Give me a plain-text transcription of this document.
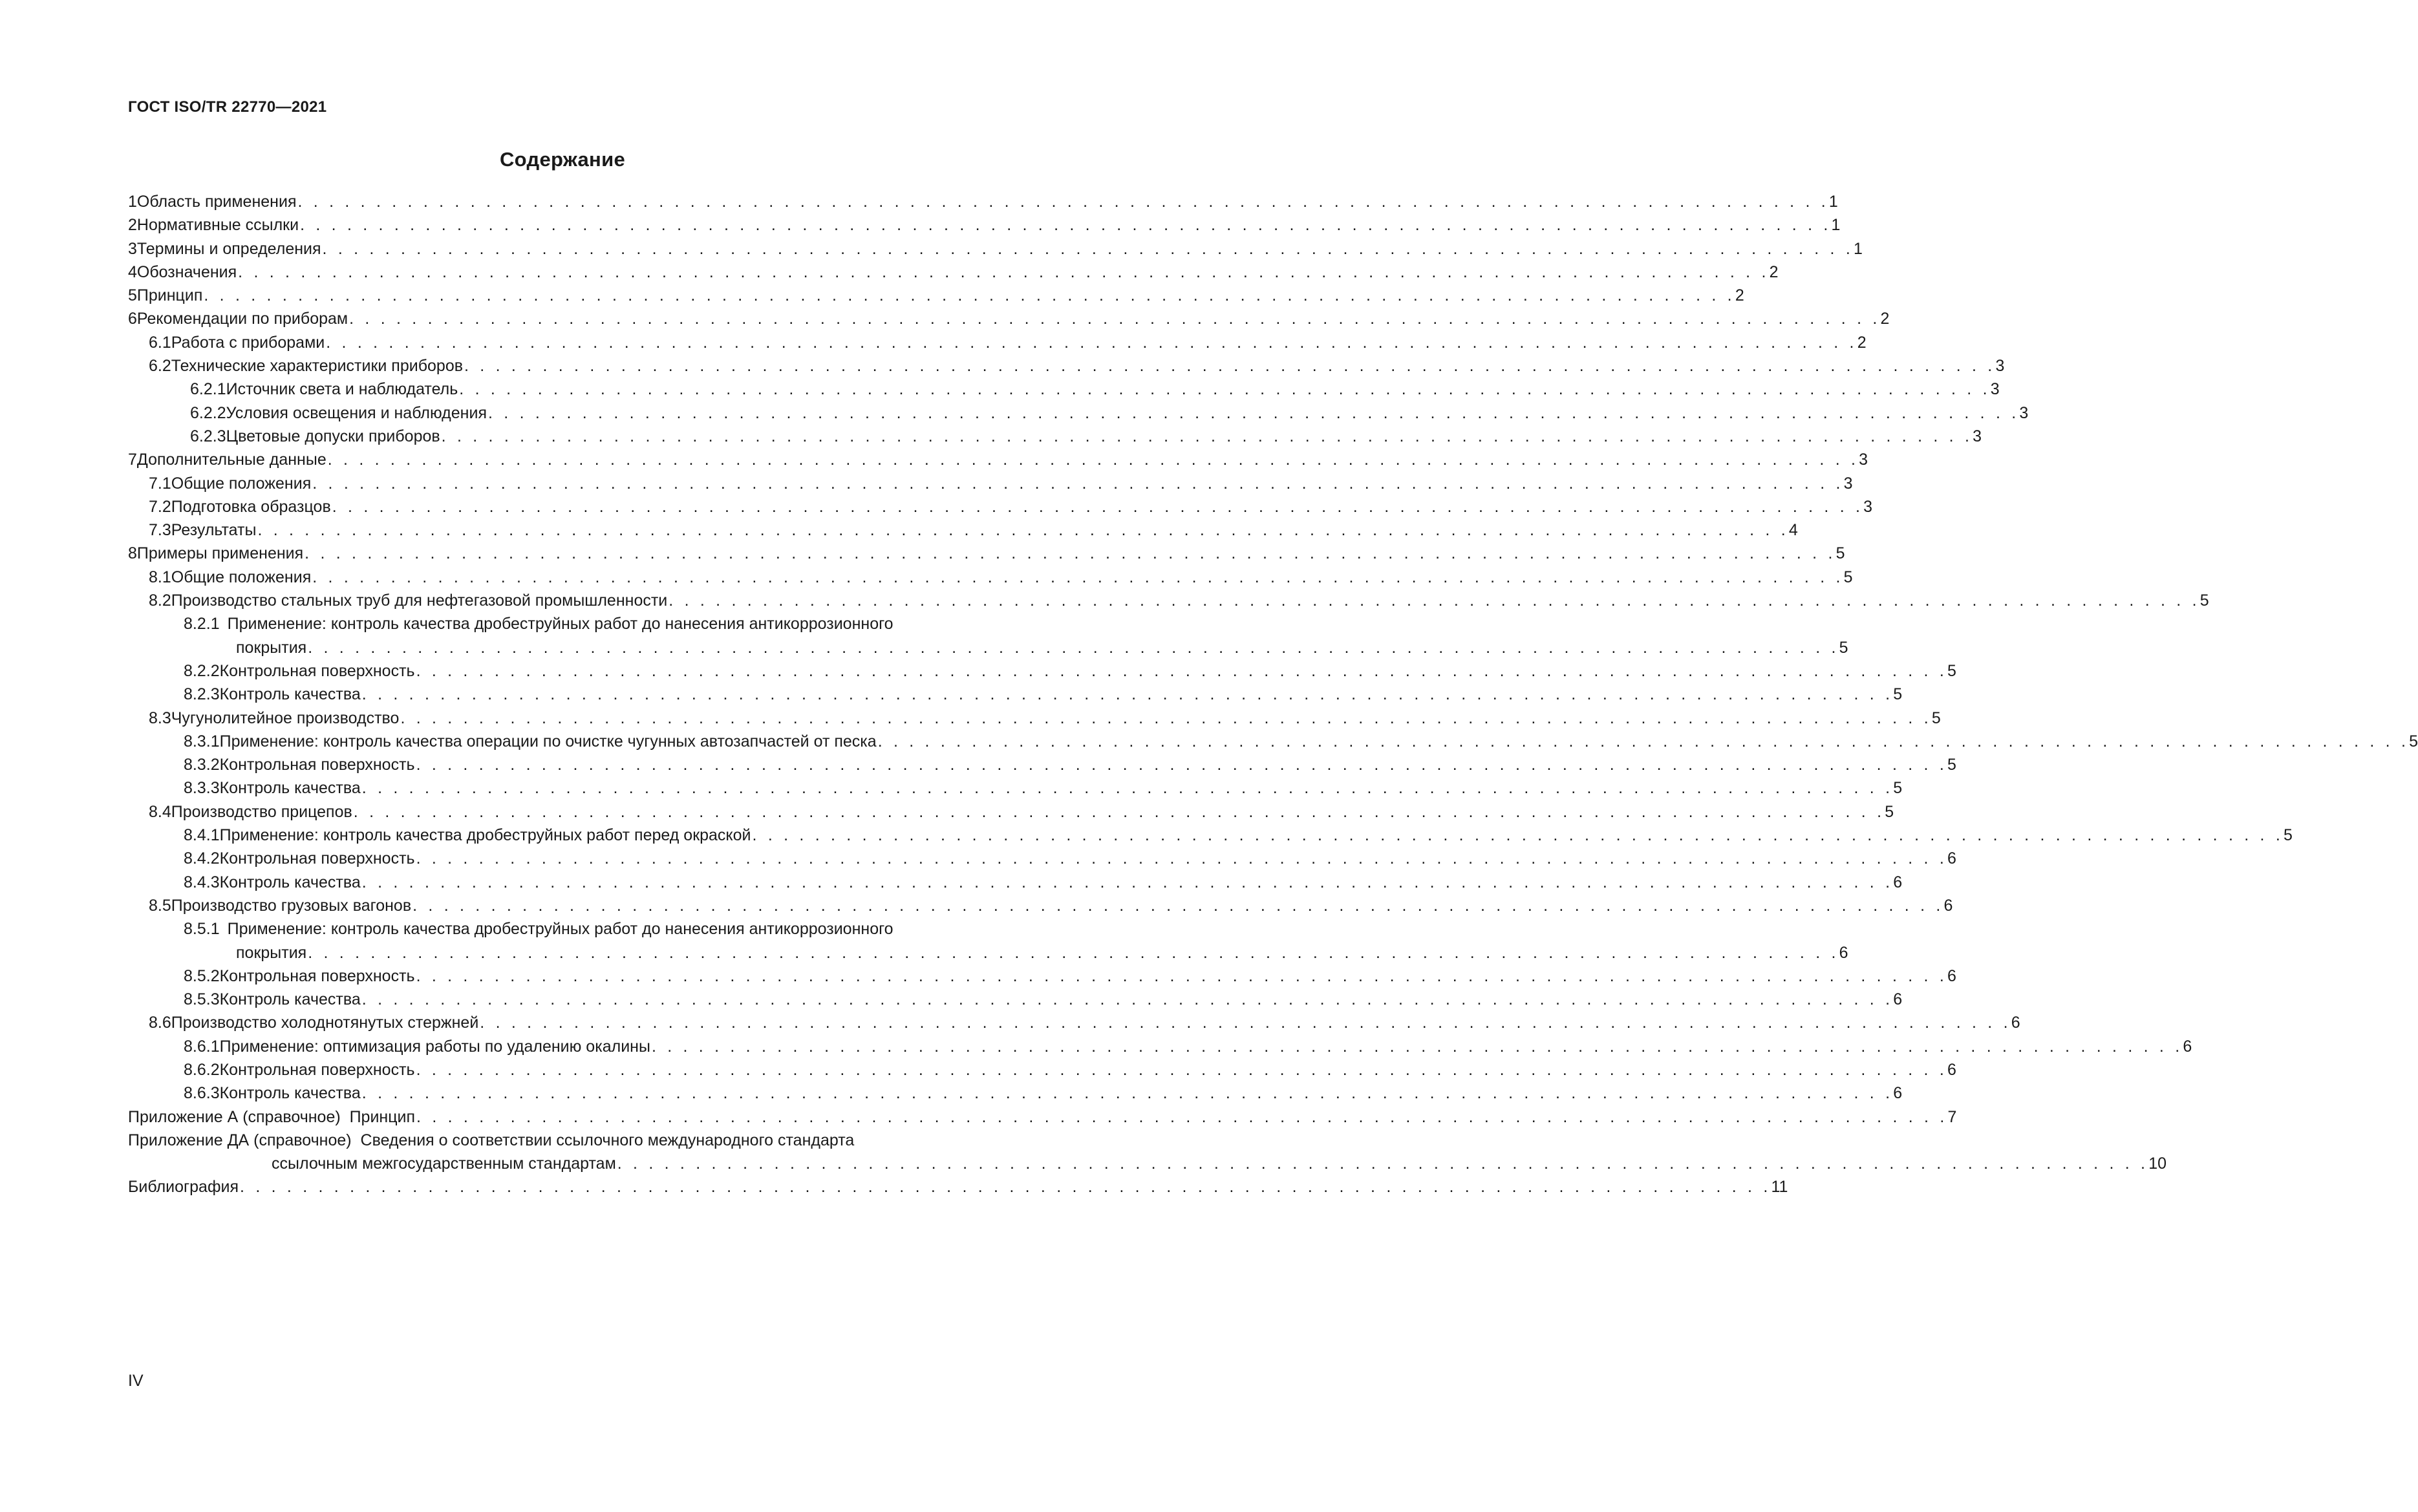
ГОСТ ISO/TR 22770—2021
Содержание
1 Область применения . . . . . . . . . . . . . . . . . . . . . . . . . . . . . . . . . . . . . . . . . . . . . . . . . . . . . . . . . . . . . . . . . . . . . . . . . . . . . . . . . . . . . . . . . . . . . . . . . . 1
2 Нормативные ссылки . . . . . . . . . . . . . . . . . . . . . . . . . . . . . . . . . . . . . . . . . . . . . . . . . . . . . . . . . . . . . . . . . . . . . . . . . . . . . . . . . . . . . . . . . . . . . . . . . . 1
3 Термины и определения . . . . . . . . . . . . . . . . . . . . . . . . . . . . . . . . . . . . . . . . . . . . . . . . . . . . . . . . . . . . . . . . . . . . . . . . . . . . . . . . . . . . . . . . . . . . . . . . . . 1
4 Обозначения . . . . . . . . . . . . . . . . . . . . . . . . . . . . . . . . . . . . . . . . . . . . . . . . . . . . . . . . . . . . . . . . . . . . . . . . . . . . . . . . . . . . . . . . . . . . . . . . . . 2
5 Принцип . . . . . . . . . . . . . . . . . . . . . . . . . . . . . . . . . . . . . . . . . . . . . . . . . . . . . . . . . . . . . . . . . . . . . . . . . . . . . . . . . . . . . . . . . . . . . . . . . . 2
6 Рекомендации по приборам . . . . . . . . . . . . . . . . . . . . . . . . . . . . . . . . . . . . . . . . . . . . . . . . . . . . . . . . . . . . . . . . . . . . . . . . . . . . . . . . . . . . . . . . . . . . . . . . . . 2
6.1 Работа с приборами . . . . . . . . . . . . . . . . . . . . . . . . . . . . . . . . . . . . . . . . . . . . . . . . . . . . . . . . . . . . . . . . . . . . . . . . . . . . . . . . . . . . . . . . . . . . . . . . . . 2
6.2 Технические характеристики приборов . . . . . . . . . . . . . . . . . . . . . . . . . . . . . . . . . . . . . . . . . . . . . . . . . . . . . . . . . . . . . . . . . . . . . . . . . . . . . . . . . . . . . . . . . . . . . . . . . . 3
6.2.1 Источник света и наблюдатель . . . . . . . . . . . . . . . . . . . . . . . . . . . . . . . . . . . . . . . . . . . . . . . . . . . . . . . . . . . . . . . . . . . . . . . . . . . . . . . . . . . . . . . . . . . . . . . . . . 3
6.2.2 Условия освещения и наблюдения . . . . . . . . . . . . . . . . . . . . . . . . . . . . . . . . . . . . . . . . . . . . . . . . . . . . . . . . . . . . . . . . . . . . . . . . . . . . . . . . . . . . . . . . . . . . . . . . . . 3
6.2.3 Цветовые допуски приборов . . . . . . . . . . . . . . . . . . . . . . . . . . . . . . . . . . . . . . . . . . . . . . . . . . . . . . . . . . . . . . . . . . . . . . . . . . . . . . . . . . . . . . . . . . . . . . . . . . 3
7 Дополнительные данные . . . . . . . . . . . . . . . . . . . . . . . . . . . . . . . . . . . . . . . . . . . . . . . . . . . . . . . . . . . . . . . . . . . . . . . . . . . . . . . . . . . . . . . . . . . . . . . . . . 3
7.1 Общие положения . . . . . . . . . . . . . . . . . . . . . . . . . . . . . . . . . . . . . . . . . . . . . . . . . . . . . . . . . . . . . . . . . . . . . . . . . . . . . . . . . . . . . . . . . . . . . . . . . . 3
7.2 Подготовка образцов . . . . . . . . . . . . . . . . . . . . . . . . . . . . . . . . . . . . . . . . . . . . . . . . . . . . . . . . . . . . . . . . . . . . . . . . . . . . . . . . . . . . . . . . . . . . . . . . . . 3
7.3 Результаты . . . . . . . . . . . . . . . . . . . . . . . . . . . . . . . . . . . . . . . . . . . . . . . . . . . . . . . . . . . . . . . . . . . . . . . . . . . . . . . . . . . . . . . . . . . . . . . . . . 4
8 Примеры применения . . . . . . . . . . . . . . . . . . . . . . . . . . . . . . . . . . . . . . . . . . . . . . . . . . . . . . . . . . . . . . . . . . . . . . . . . . . . . . . . . . . . . . . . . . . . . . . . . . 5
8.1 Общие положения . . . . . . . . . . . . . . . . . . . . . . . . . . . . . . . . . . . . . . . . . . . . . . . . . . . . . . . . . . . . . . . . . . . . . . . . . . . . . . . . . . . . . . . . . . . . . . . . . . 5
8.2 Производство стальных труб для нефтегазовой промышленности . . . . . . . . . . . . . . . . . . . . . . . . . . . . . . . . . . . . . . . . . . . . . . . . . . . . . . . . . . . . . . . . . . . . . . . . . . . . . . . . . . . . . . . . . . . . . . . . . . 5
8.2.1 Применение: контроль качества дробеструйных работ до нанесения антикоррозионного
покрытия . . . . . . . . . . . . . . . . . . . . . . . . . . . . . . . . . . . . . . . . . . . . . . . . . . . . . . . . . . . . . . . . . . . . . . . . . . . . . . . . . . . . . . . . . . . . . . . . . . 5
8.2.2 Контрольная поверхность . . . . . . . . . . . . . . . . . . . . . . . . . . . . . . . . . . . . . . . . . . . . . . . . . . . . . . . . . . . . . . . . . . . . . . . . . . . . . . . . . . . . . . . . . . . . . . . . . . 5
8.2.3 Контроль качества . . . . . . . . . . . . . . . . . . . . . . . . . . . . . . . . . . . . . . . . . . . . . . . . . . . . . . . . . . . . . . . . . . . . . . . . . . . . . . . . . . . . . . . . . . . . . . . . . . 5
8.3 Чугунолитейное производство . . . . . . . . . . . . . . . . . . . . . . . . . . . . . . . . . . . . . . . . . . . . . . . . . . . . . . . . . . . . . . . . . . . . . . . . . . . . . . . . . . . . . . . . . . . . . . . . . . 5
8.3.1 Применение: контроль качества операции по очистке чугунных автозапчастей от песка . . . . . . . . . . . . . . . . . . . . . . . . . . . . . . . . . . . . . . . . . . . . . . . . . . . . . . . . . . . . . . . . . . . . . . . . . . . . . . . . . . . . . . . . . . . . . . . . . . 5
8.3.2 Контрольная поверхность . . . . . . . . . . . . . . . . . . . . . . . . . . . . . . . . . . . . . . . . . . . . . . . . . . . . . . . . . . . . . . . . . . . . . . . . . . . . . . . . . . . . . . . . . . . . . . . . . . 5
8.3.3 Контроль качества . . . . . . . . . . . . . . . . . . . . . . . . . . . . . . . . . . . . . . . . . . . . . . . . . . . . . . . . . . . . . . . . . . . . . . . . . . . . . . . . . . . . . . . . . . . . . . . . . . 5
8.4 Производство прицепов . . . . . . . . . . . . . . . . . . . . . . . . . . . . . . . . . . . . . . . . . . . . . . . . . . . . . . . . . . . . . . . . . . . . . . . . . . . . . . . . . . . . . . . . . . . . . . . . . . 5
8.4.1 Применение: контроль качества дробеструйных работ перед окраской . . . . . . . . . . . . . . . . . . . . . . . . . . . . . . . . . . . . . . . . . . . . . . . . . . . . . . . . . . . . . . . . . . . . . . . . . . . . . . . . . . . . . . . . . . . . . . . . . . 5
8.4.2 Контрольная поверхность . . . . . . . . . . . . . . . . . . . . . . . . . . . . . . . . . . . . . . . . . . . . . . . . . . . . . . . . . . . . . . . . . . . . . . . . . . . . . . . . . . . . . . . . . . . . . . . . . . 6
8.4.3 Контроль качества . . . . . . . . . . . . . . . . . . . . . . . . . . . . . . . . . . . . . . . . . . . . . . . . . . . . . . . . . . . . . . . . . . . . . . . . . . . . . . . . . . . . . . . . . . . . . . . . . . 6
8.5 Производство грузовых вагонов . . . . . . . . . . . . . . . . . . . . . . . . . . . . . . . . . . . . . . . . . . . . . . . . . . . . . . . . . . . . . . . . . . . . . . . . . . . . . . . . . . . . . . . . . . . . . . . . . . 6
8.5.1 Применение: контроль качества дробеструйных работ до нанесения антикоррозионного
покрытия . . . . . . . . . . . . . . . . . . . . . . . . . . . . . . . . . . . . . . . . . . . . . . . . . . . . . . . . . . . . . . . . . . . . . . . . . . . . . . . . . . . . . . . . . . . . . . . . . . 6
8.5.2 Контрольная поверхность . . . . . . . . . . . . . . . . . . . . . . . . . . . . . . . . . . . . . . . . . . . . . . . . . . . . . . . . . . . . . . . . . . . . . . . . . . . . . . . . . . . . . . . . . . . . . . . . . . 6
8.5.3 Контроль качества . . . . . . . . . . . . . . . . . . . . . . . . . . . . . . . . . . . . . . . . . . . . . . . . . . . . . . . . . . . . . . . . . . . . . . . . . . . . . . . . . . . . . . . . . . . . . . . . . . 6
8.6 Производство холоднотянутых стержней . . . . . . . . . . . . . . . . . . . . . . . . . . . . . . . . . . . . . . . . . . . . . . . . . . . . . . . . . . . . . . . . . . . . . . . . . . . . . . . . . . . . . . . . . . . . . . . . . . 6
8.6.1 Применение: оптимизация работы по удалению окалины . . . . . . . . . . . . . . . . . . . . . . . . . . . . . . . . . . . . . . . . . . . . . . . . . . . . . . . . . . . . . . . . . . . . . . . . . . . . . . . . . . . . . . . . . . . . . . . . . . 6
8.6.2 Контрольная поверхность . . . . . . . . . . . . . . . . . . . . . . . . . . . . . . . . . . . . . . . . . . . . . . . . . . . . . . . . . . . . . . . . . . . . . . . . . . . . . . . . . . . . . . . . . . . . . . . . . . 6
8.6.3 Контроль качества . . . . . . . . . . . . . . . . . . . . . . . . . . . . . . . . . . . . . . . . . . . . . . . . . . . . . . . . . . . . . . . . . . . . . . . . . . . . . . . . . . . . . . . . . . . . . . . . . . 6
Приложение А (справочное)  Принцип . . . . . . . . . . . . . . . . . . . . . . . . . . . . . . . . . . . . . . . . . . . . . . . . . . . . . . . . . . . . . . . . . . . . . . . . . . . . . . . . . . . . . . . . . . . . . . . . . . 7
Приложение ДА (справочное)  Сведения о соответствии ссылочного международного стандарта
ссылочным межгосударственным стандартам . . . . . . . . . . . . . . . . . . . . . . . . . . . . . . . . . . . . . . . . . . . . . . . . . . . . . . . . . . . . . . . . . . . . . . . . . . . . . . . . . . . . . . . . . . . . . . . . . . 10
Библиография . . . . . . . . . . . . . . . . . . . . . . . . . . . . . . . . . . . . . . . . . . . . . . . . . . . . . . . . . . . . . . . . . . . . . . . . . . . . . . . . . . . . . . . . . . . . . . . . . . 11
IV
